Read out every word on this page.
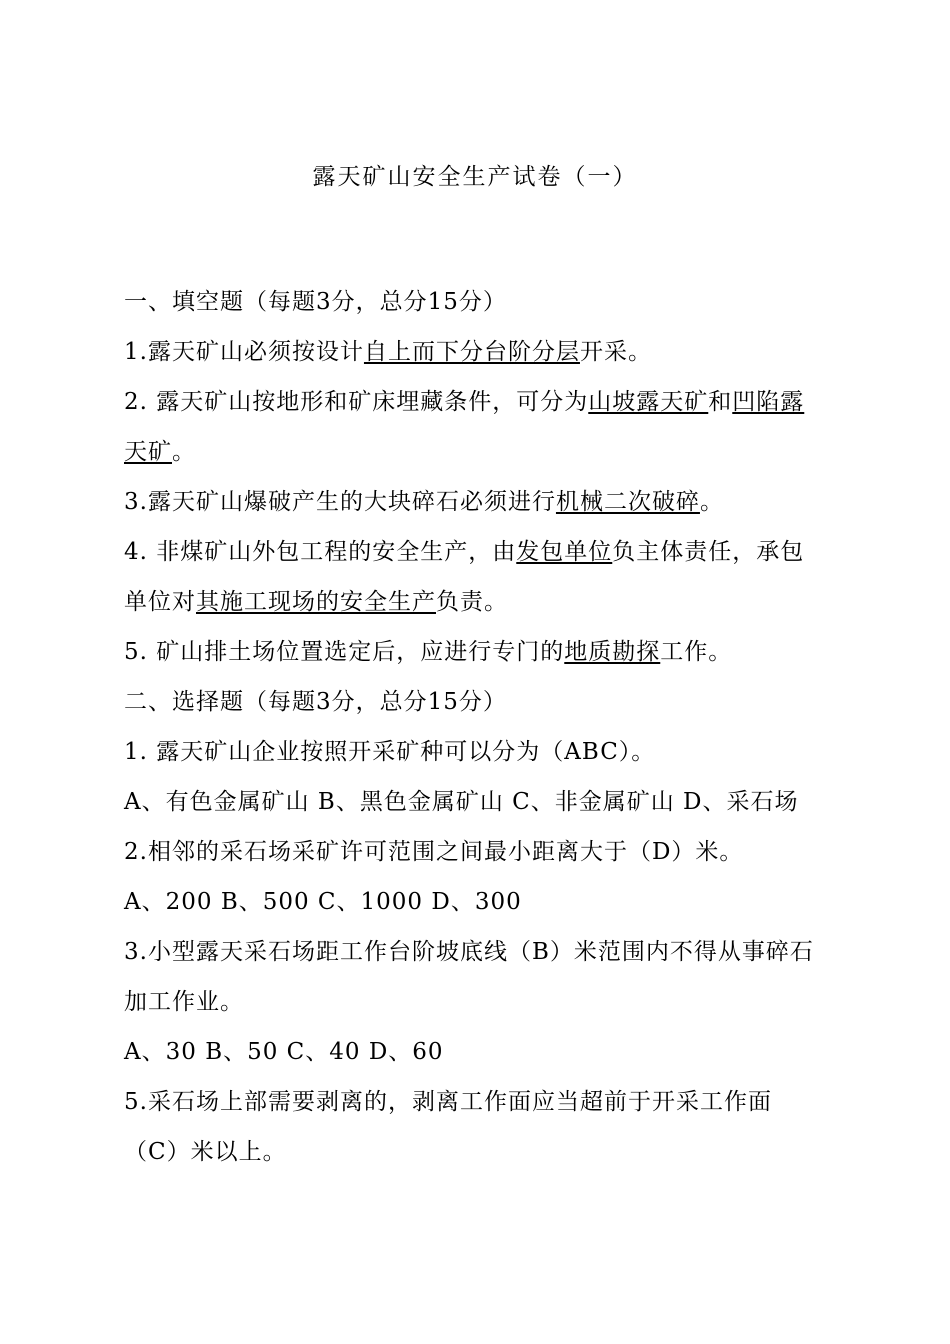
露天矿山安全生产试卷（一）
一、填空题（每题3分，总分15分）
1.露天矿山必须按设计自上而下分台阶分层开采。
2. 露天矿山按地形和矿床埋藏条件，可分为山坡露天矿和凹陷露
天矿。
3.露天矿山爆破产生的大块碎石必须进行机械二次破碎。
4. 非煤矿山外包工程的安全生产，由发包单位负主体责任，承包
单位对其施工现场的安全生产负责。
5. 矿山排土场位置选定后，应进行专门的地质勘探工作。
二、选择题（每题3分，总分15分）
1. 露天矿山企业按照开采矿种可以分为（ABC）。
A、有色金属矿山 B、黑色金属矿山 C、非金属矿山 D、采石场
2.相邻的采石场采矿许可范围之间最小距离大于（D）米。
A、200 B、500 C、1000 D、300
3.小型露天采石场距工作台阶坡底线（B）米范围内不得从事碎石
加工作业。
A、30 B、50 C、40 D、60
5.采石场上部需要剥离的，剥离工作面应当超前于开采工作面
（C）米以上。
